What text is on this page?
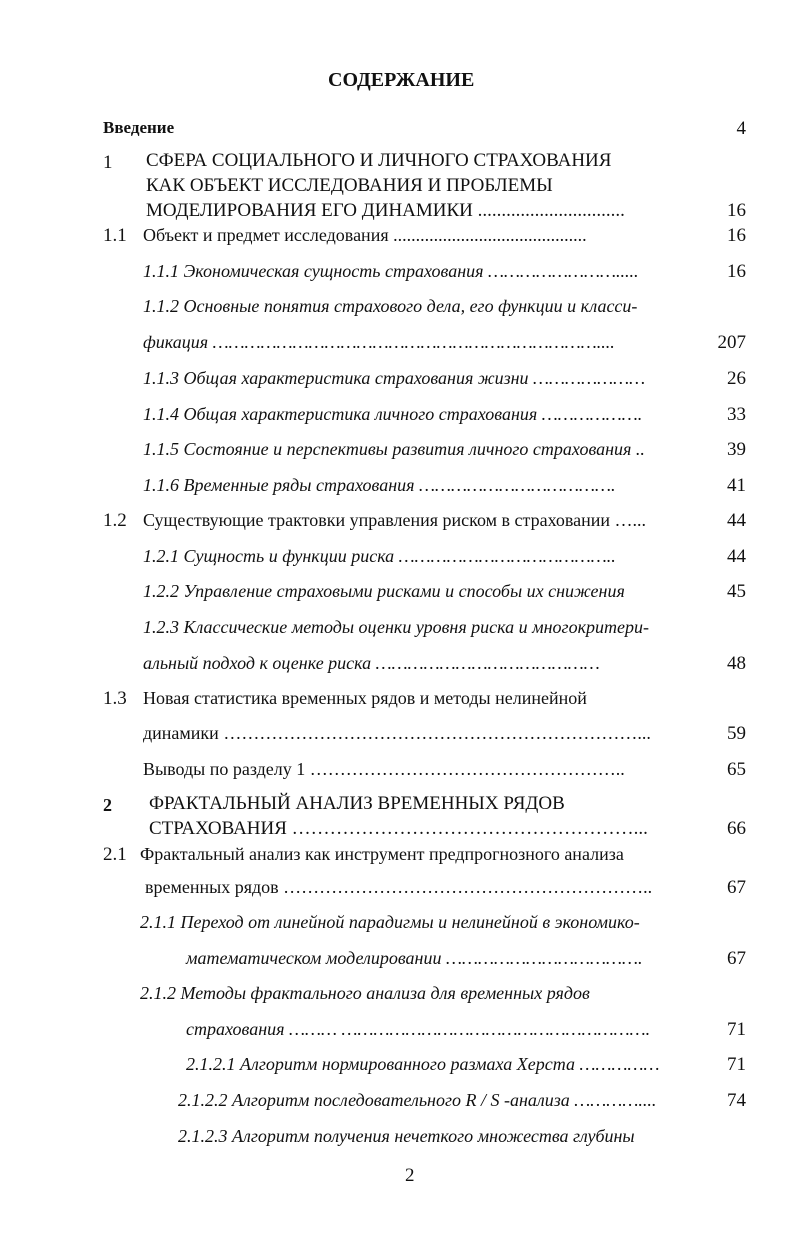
СОДЕРЖАНИЕ
Введение	4
1 СФЕРА СОЦИАЛЬНОГО И ЛИЧНОГО СТРАХОВАНИЯ
КАК ОБЪЕКТ ИССЛЕДОВАНИЯ И ПРОБЛЕМЫ
МОДЕЛИРОВАНИЯ ЕГО ДИНАМИКИ ...............................	16
1.1 Объект и предмет исследования ...........................................	16
1.1.1 Экономическая сущность страхования …………………….....	16
1.1.2 Основные понятия страхового дела, его функции и класси-
фикация ………………………………………………………………....	207
1.1.3 Общая характеристика страхования жизни …………………	26
1.1.4 Общая характеристика личного страхования ……………….	33
1.1.5 Состояние и перспективы развития личного страхования ..	39
1.1.6 Временные ряды страхования ……………………………….	41
1.2 Существующие трактовки управления риском в страховании …...	44
1.2.1 Сущность и функции риска …………………………………..	44
1.2.2 Управление страховыми рисками и способы их снижения	45
1.2.3 Классические методы оценки уровня риска и многокритери-
альный подход к оценке риска ……………………………………	48
1.3 Новая статистика временных рядов и методы нелинейной
динамики ……………………………………………………………...	59
Выводы по разделу 1 ……………………………………………..	65
2 ФРАКТАЛЬНЫЙ АНАЛИЗ ВРЕМЕННЫХ РЯДОВ
СТРАХОВАНИЯ ………………………………………………...	66
2.1 Фрактальный анализ как инструмент предпрогнозного анализа
временных рядов ……………………………………………………..	67
2.1.1 Переход от линейной парадигмы и нелинейной в экономико-
математическом моделировании ……………………………….	67
2.1.2 Методы фрактального анализа для временных рядов
страхования ……… ………………………………………………….	71
2.1.2.1 Алгоритм нормированного размаха Херста ……………	71
2.1.2.2 Алгоритм последовательного R / S -анализа …………....	74
2.1.2.3 Алгоритм получения нечеткого множества глубины
2
